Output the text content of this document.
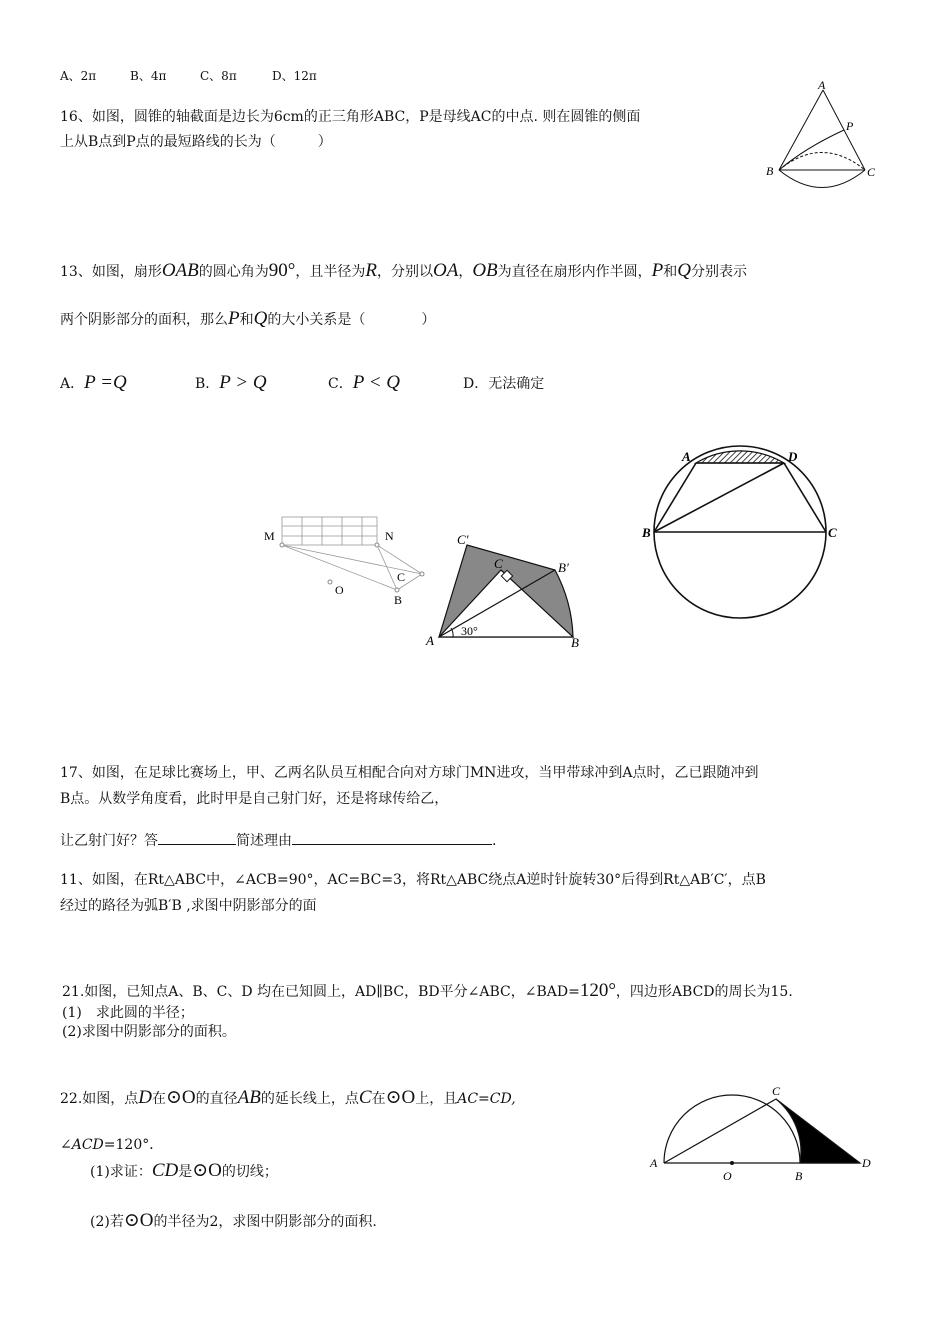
A、2π	B、4π	C、8π	D、12π
16、如图，圆锥的轴截面是边长为6cm的正三角形ABC，P是母线AC的中点. 则在圆锥的侧面
上从B点到P点的最短路线的长为（　　　）
A
P
B	C
13、如图，扇形OAB的圆心角为90°，且半径为R，分别以OA，OB为直径在扇形内作半圆，P和Q分别表示
两个阴影部分的面积，那么P和Q的大小关系是（　　　　）
A．P =Q	B．P > Q	C．P < Q	D．无法确定
M	N
O
C
B
C′
C	B′
A	B
30°
A	D
B	C
17、如图，在足球比赛场上，甲、乙两名队员互相配合向对方球门MN进攻，当甲带球冲到A点时，乙已跟随冲到
B点。从数学角度看，此时甲是自己射门好，还是将球传给乙，
让乙射门好？答	简述理由	.
11、如图，在Rt△ABC中，∠ACB=90°，AC=BC=3，将Rt△ABC绕点A逆时针旋转30°后得到Rt△AB′C′，点B
经过的路径为弧B′B ,求图中阴影部分的面
21.如图，已知点A、B、C、D 均在已知圆上，AD∥BC，BD平分∠ABC，∠BAD=120°，四边形ABCD的周长为15.
(1)　求此圆的半径；
(2)求图中阴影部分的面积。
22.如图，点D在⊙O的直径AB的延长线上，点C在⊙O上，且AC=CD,
∠ACD=120°．
(1)求证：CD是⊙O的切线；
(2)若⊙O的半径为2，求图中阴影部分的面积.
A
O	B
C
D
